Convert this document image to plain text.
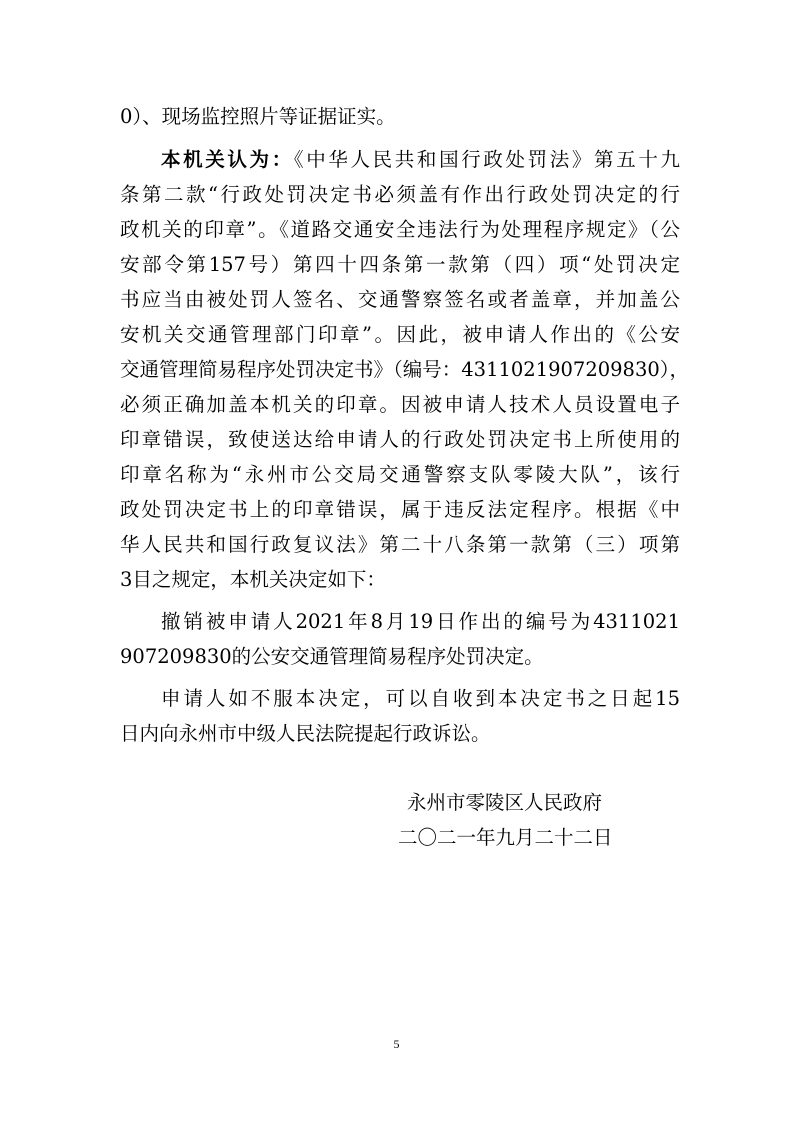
0）、现场监控照片等证据证实。
本机关认为：《中华人民共和国行政处罚法》第五十九
条第二款“行政处罚决定书必须盖有作出行政处罚决定的行
政机关的印章”。《道路交通安全违法行为处理程序规定》（公
安部令第157号）第四十四条第一款第（四）项“处罚决定
书应当由被处罚人签名、交通警察签名或者盖章，并加盖公
安机关交通管理部门印章”。因此，被申请人作出的《公安
交通管理简易程序处罚决定书》（编号：4311021907209830），
必须正确加盖本机关的印章。因被申请人技术人员设置电子
印章错误，致使送达给申请人的行政处罚决定书上所使用的
印章名称为“永州市公交局交通警察支队零陵大队”，该行
政处罚决定书上的印章错误，属于违反法定程序。根据《中
华人民共和国行政复议法》第二十八条第一款第（三）项第
3目之规定，本机关决定如下：
撤销被申请人2021年8月19日作出的编号为4311021
907209830的公安交通管理简易程序处罚决定。
申请人如不服本决定，可以自收到本决定书之日起15
日内向永州市中级人民法院提起行政诉讼。
永州市零陵区人民政府
二〇二一年九月二十二日
5
